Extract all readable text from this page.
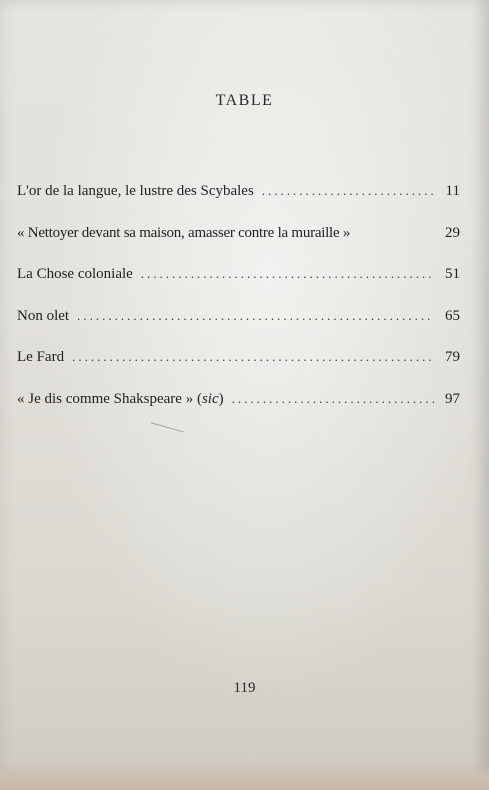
TABLE
L'or de la langue, le lustre des Scybales .....	11
« Nettoyer devant sa maison, amasser contre la muraille »	29
La Chose coloniale .....	51
Non olet .....	65
Le Fard .....	79
« Je dis comme Shakspeare » (sic) .....	97
119
